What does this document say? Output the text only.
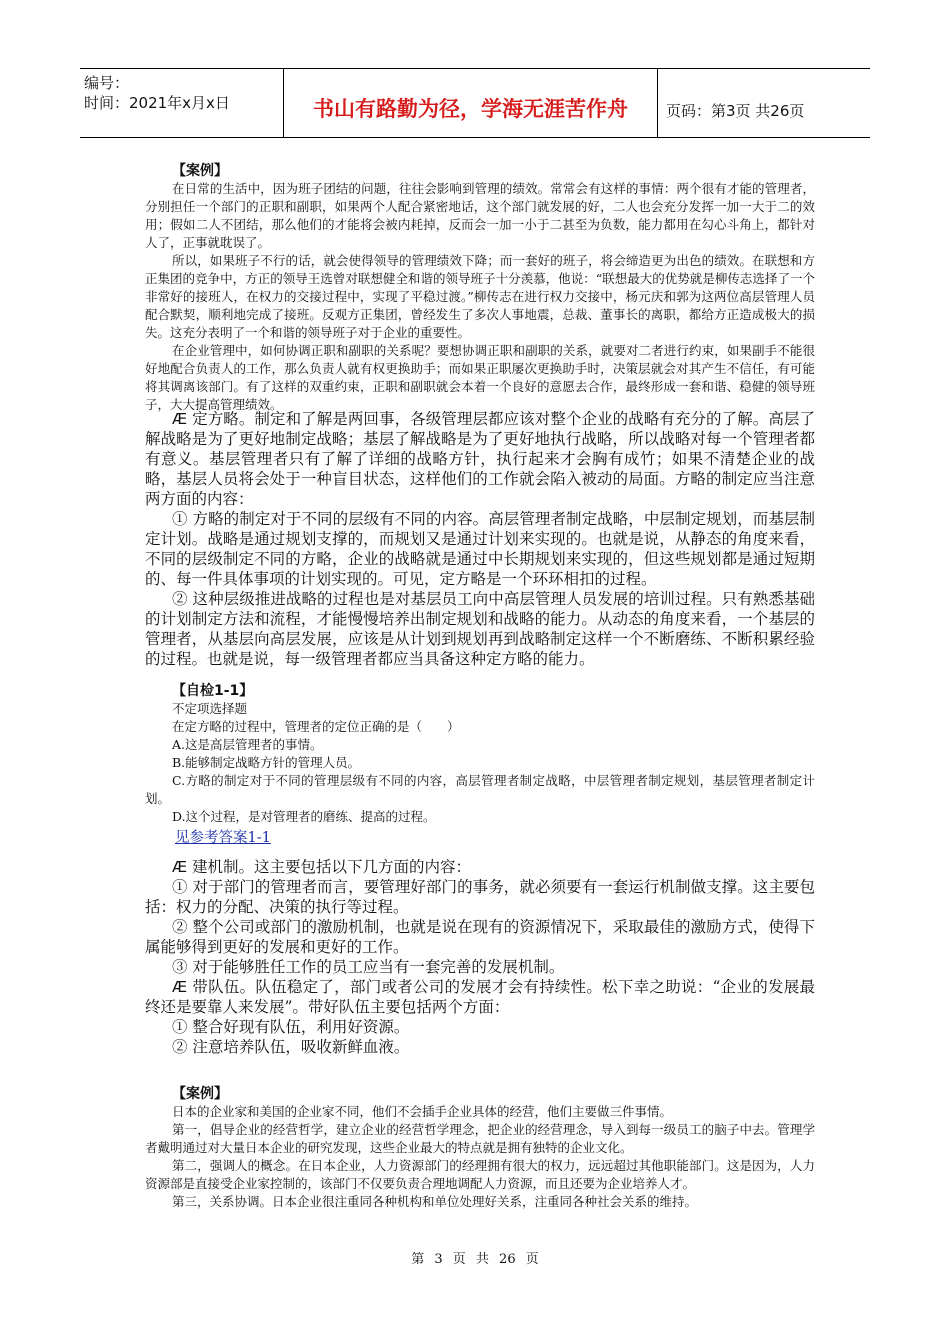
编号：
时间：2021年x月x日	书山有路勤为径，学海无涯苦作舟	页码：第3页 共26页
【案例】

在日常的生活中，因为班子团结的问题，往往会影响到管理的绩效。常常会有这样的事情：两个很有才能的管理者，分别担任一个部门的正职和副职，如果两个人配合紧密地话，这个部门就发展的好，二人也会充分发挥一加一大于二的效用；假如二人不团结，那么他们的才能将会被内耗掉，反而会一加一小于二甚至为负数，能力都用在勾心斗角上，都针对人了，正事就耽误了。

所以，如果班子不行的话，就会使得领导的管理绩效下降；而一套好的班子，将会缔造更为出色的绩效。在联想和方正集团的竞争中，方正的领导王选曾对联想健全和谐的领导班子十分羡慕，他说：“联想最大的优势就是柳传志选择了一个非常好的接班人，在权力的交接过程中，实现了平稳过渡。”柳传志在进行权力交接中，杨元庆和郭为这两位高层管理人员配合默契，顺利地完成了接班。反观方正集团，曾经发生了多次人事地震，总裁、董事长的离职，都给方正造成极大的损失。这充分表明了一个和谐的领导班子对于企业的重要性。

在企业管理中，如何协调正职和副职的关系呢？要想协调正职和副职的关系，就要对二者进行约束，如果副手不能很好地配合负责人的工作，那么负责人就有权更换助手；而如果正职屡次更换助手时，决策层就会对其产生不信任，有可能将其调离该部门。有了这样的双重约束，正职和副职就会本着一个良好的意愿去合作，最终形成一套和谐、稳健的领导班子，大大提高管理绩效。

Æ 定方略。制定和了解是两回事，各级管理层都应该对整个企业的战略有充分的了解。高层了解战略是为了更好地制定战略；基层了解战略是为了更好地执行战略，所以战略对每一个管理者都有意义。基层管理者只有了解了详细的战略方针，执行起来才会胸有成竹；如果不清楚企业的战略，基层人员将会处于一种盲目状态，这样他们的工作就会陷入被动的局面。方略的制定应当注意两方面的内容：

① 方略的制定对于不同的层级有不同的内容。高层管理者制定战略，中层制定规划，而基层制定计划。战略是通过规划支撑的，而规划又是通过计划来实现的。也就是说，从静态的角度来看，不同的层级制定不同的方略，企业的战略就是通过中长期规划来实现的，但这些规划都是通过短期的、每一件具体事项的计划实现的。可见，定方略是一个环环相扣的过程。

② 这种层级推进战略的过程也是对基层员工向中高层管理人员发展的培训过程。只有熟悉基础的计划制定方法和流程，才能慢慢培养出制定规划和战略的能力。从动态的角度来看，一个基层的管理者，从基层向高层发展，应该是从计划到规划再到战略制定这样一个不断磨练、不断积累经验的过程。也就是说，每一级管理者都应当具备这种定方略的能力。

【自检1-1】

不定项选择题

在定方略的过程中，管理者的定位正确的是（　　）

A.这是高层管理者的事情。

B.能够制定战略方针的管理人员。

C.方略的制定对于不同的管理层级有不同的内容，高层管理者制定战略，中层管理者制定规划，基层管理者制定计划。

D.这个过程，是对管理者的磨练、提高的过程。

见参考答案1-1

Æ 建机制。这主要包括以下几方面的内容：

① 对于部门的管理者而言，要管理好部门的事务，就必须要有一套运行机制做支撑。这主要包括：权力的分配、决策的执行等过程。

② 整个公司或部门的激励机制，也就是说在现有的资源情况下，采取最佳的激励方式，使得下属能够得到更好的发展和更好的工作。

③ 对于能够胜任工作的员工应当有一套完善的发展机制。

Æ 带队伍。队伍稳定了，部门或者公司的发展才会有持续性。松下幸之助说：“企业的发展最终还是要靠人来发展”。带好队伍主要包括两个方面：

① 整合好现有队伍，利用好资源。

② 注意培养队伍，吸收新鲜血液。

【案例】

日本的企业家和美国的企业家不同，他们不会插手企业具体的经营，他们主要做三件事情。

第一，倡导企业的经营哲学，建立企业的经营哲学理念，把企业的经营理念，导入到每一级员工的脑子中去。管理学者戴明通过对大量日本企业的研究发现，这些企业最大的特点就是拥有独特的企业文化。

第二，强调人的概念。在日本企业，人力资源部门的经理拥有很大的权力，远远超过其他职能部门。这是因为，人力资源部是直接受企业家控制的，该部门不仅要负责合理地调配人力资源，而且还要为企业培养人才。

第三，关系协调。日本企业很注重同各种机构和单位处理好关系，注重同各种社会关系的维持。

第 3 页 共 26 页
